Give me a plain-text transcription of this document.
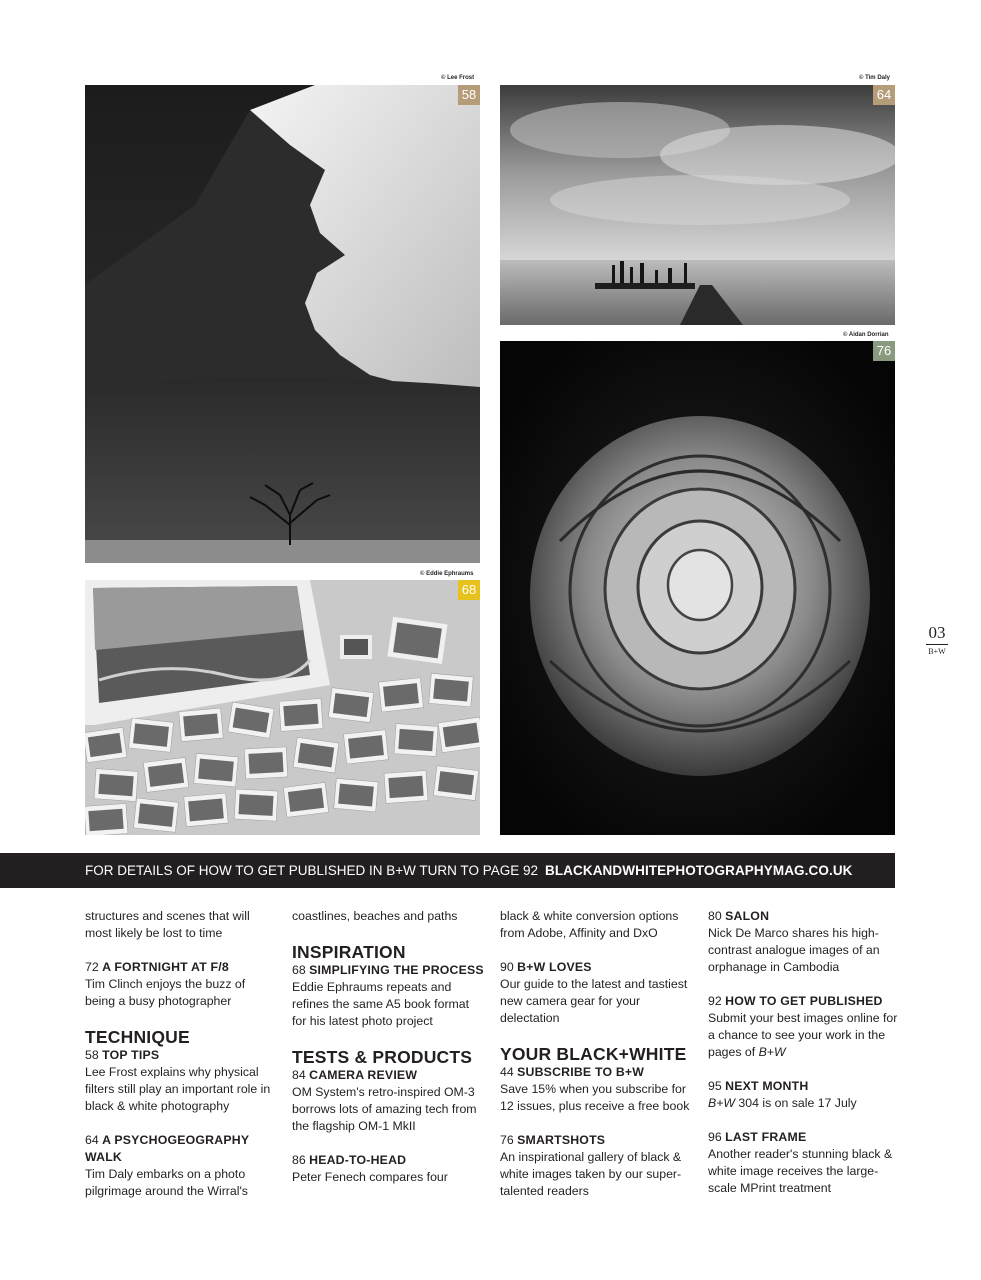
© Lee Frost
58
© Tim Daly
64
© Aidan Dorrian
76
© Eddie Ephraums
68
03
B+W
FOR DETAILS OF HOW TO GET PUBLISHED IN B+W TURN TO PAGE 92 BLACKANDWHITEPHOTOGRAPHYMAG.CO.UK

structures and scenes that will most likely be lost to time

72 A FORTNIGHT AT F/8
Tim Clinch enjoys the buzz of being a busy photographer
TECHNIQUE
58 TOP TIPS
Lee Frost explains why physical filters still play an important role in black & white photography
64 A PSYCHOGEOGRAPHY WALK
Tim Daly embarks on a photo pilgrimage around the Wirral's

coastlines, beaches and paths

INSPIRATION
68 SIMPLIFYING THE PROCESS
Eddie Ephraums repeats and refines the same A5 book format for his latest photo project
TESTS & PRODUCTS
84 CAMERA REVIEW
OM System's retro-inspired OM-3 borrows lots of amazing tech from the flagship OM-1 MkII
86 HEAD-TO-HEAD
Peter Fenech compares four

black & white conversion options from Adobe, Affinity and DxO

90 B+W LOVES
Our guide to the latest and tastiest new camera gear for your delectation
YOUR BLACK+WHITE
44 SUBSCRIBE TO B+W
Save 15% when you subscribe for 12 issues, plus receive a free book
76 SMARTSHOTS
An inspirational gallery of black & white images taken by our super-talented readers
80 SALON
Nick De Marco shares his high-contrast analogue images of an orphanage in Cambodia
92 HOW TO GET PUBLISHED
Submit your best images online for a chance to see your work in the pages of B+W
95 NEXT MONTH
B+W 304 is on sale 17 July
96 LAST FRAME
Another reader's stunning black & white image receives the large-scale MPrint treatment
